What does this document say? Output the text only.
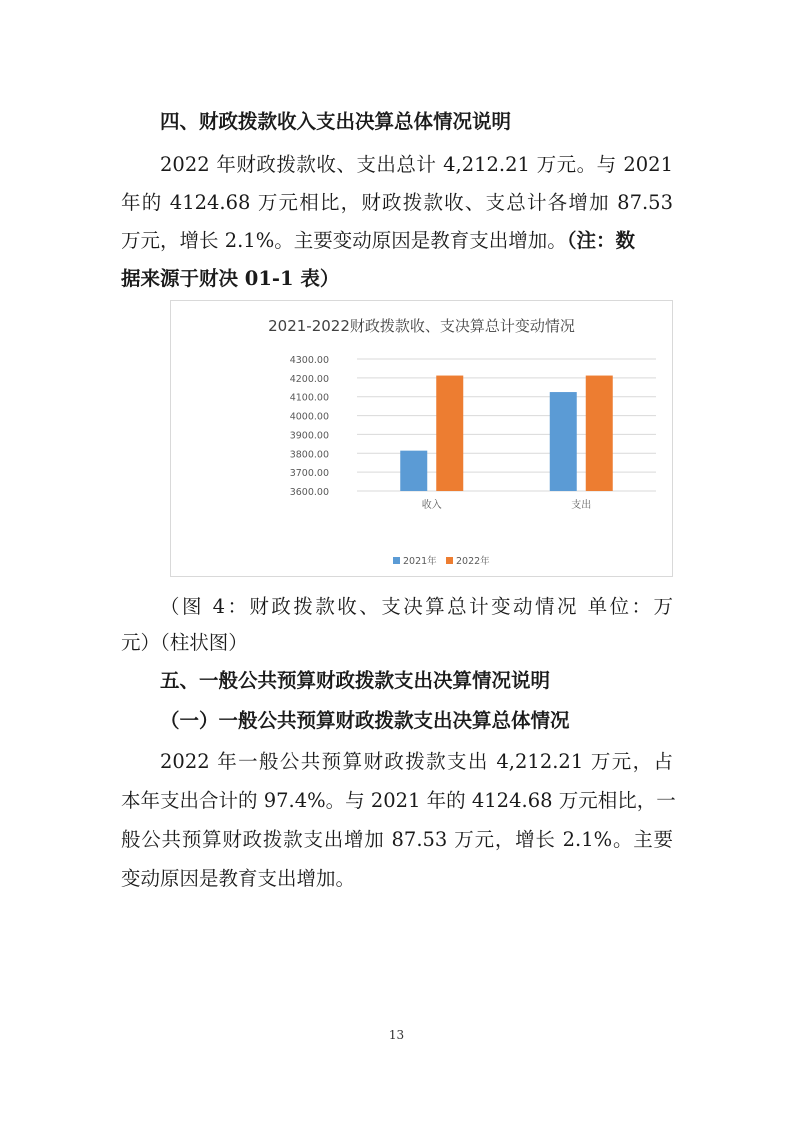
四、财政拨款收入支出决算总体情况说明
2022 年财政拨款收、支出总计 4,212.21 万元。与 2021
年的 4124.68 万元相比，财政拨款收、支总计各增加 87.53
万元，增长 2.1%。主要变动原因是教育支出增加。（注：数
据来源于财决 01-1 表）
2021-2022财政拨款收、支决算总计变动情况
3600.00
3700.00
3800.00
3900.00
4000.00
4100.00
4200.00
4300.00
收入	支出
2021年 2022年
（图 4：财政拨款收、支决算总计变动情况 单位：万
元）（柱状图）
五、一般公共预算财政拨款支出决算情况说明
（一）一般公共预算财政拨款支出决算总体情况
2022 年一般公共预算财政拨款支出 4,212.21 万元，占
本年支出合计的 97.4%。与 2021 年的 4124.68 万元相比，一
般公共预算财政拨款支出增加 87.53 万元，增长 2.1%。主要
变动原因是教育支出增加。
13
